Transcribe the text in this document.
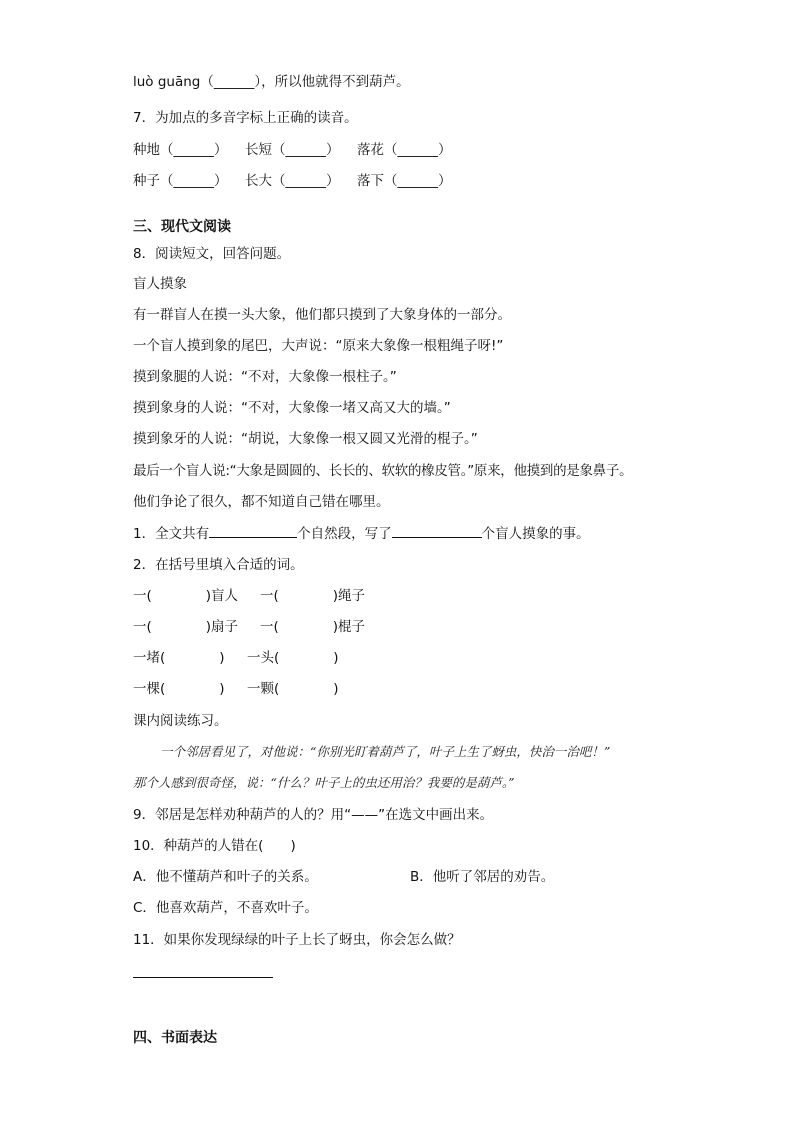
luò guāng（______），所以他就得不到葫芦。
7．为加点的多音字标上正确的读音。
种地（______） 长短（______） 落花（______）
种子（______） 长大（______） 落下（______）
三、现代文阅读
8．阅读短文，回答问题。
盲人摸象
有一群盲人在摸一头大象，他们都只摸到了大象身体的一部分。
一个盲人摸到象的尾巴，大声说：“原来大象像一根粗绳子呀!”
摸到象腿的人说：“不对，大象像一根柱子。”
摸到象身的人说：“不对，大象像一堵又高又大的墙。”
摸到象牙的人说：“胡说，大象像一根又圆又光滑的棍子。”
最后一个盲人说:“大象是圆圆的、长长的、软软的橡皮管。”原来，他摸到的是象鼻子。
他们争论了很久，都不知道自己错在哪里。
1．全文共有	个自然段，写了	个盲人摸象的事。
2．在括号里填入合适的词。
一(　　　　)盲人 一(　　　　)绳子
一(　　　　)扇子 一(　　　　)棍子
一堵(　　　　) 一头(　　　　)
一棵(　　　　) 一颗(　　　　)
课内阅读练习。
一个邻居看见了，对他说：“你别光盯着葫芦了，叶子上生了蚜虫，快治一治吧！”
那个人感到很奇怪，说：“什么？叶子上的虫还用治？我要的是葫芦。”
9．邻居是怎样劝种葫芦的人的？用“——”在选文中画出来。
10．种葫芦的人错在(　　)
A．他不懂葫芦和叶子的关系。	B．他听了邻居的劝告。
C．他喜欢葫芦，不喜欢叶子。
11．如果你发现绿绿的叶子上长了蚜虫，你会怎么做？
四、书面表达
